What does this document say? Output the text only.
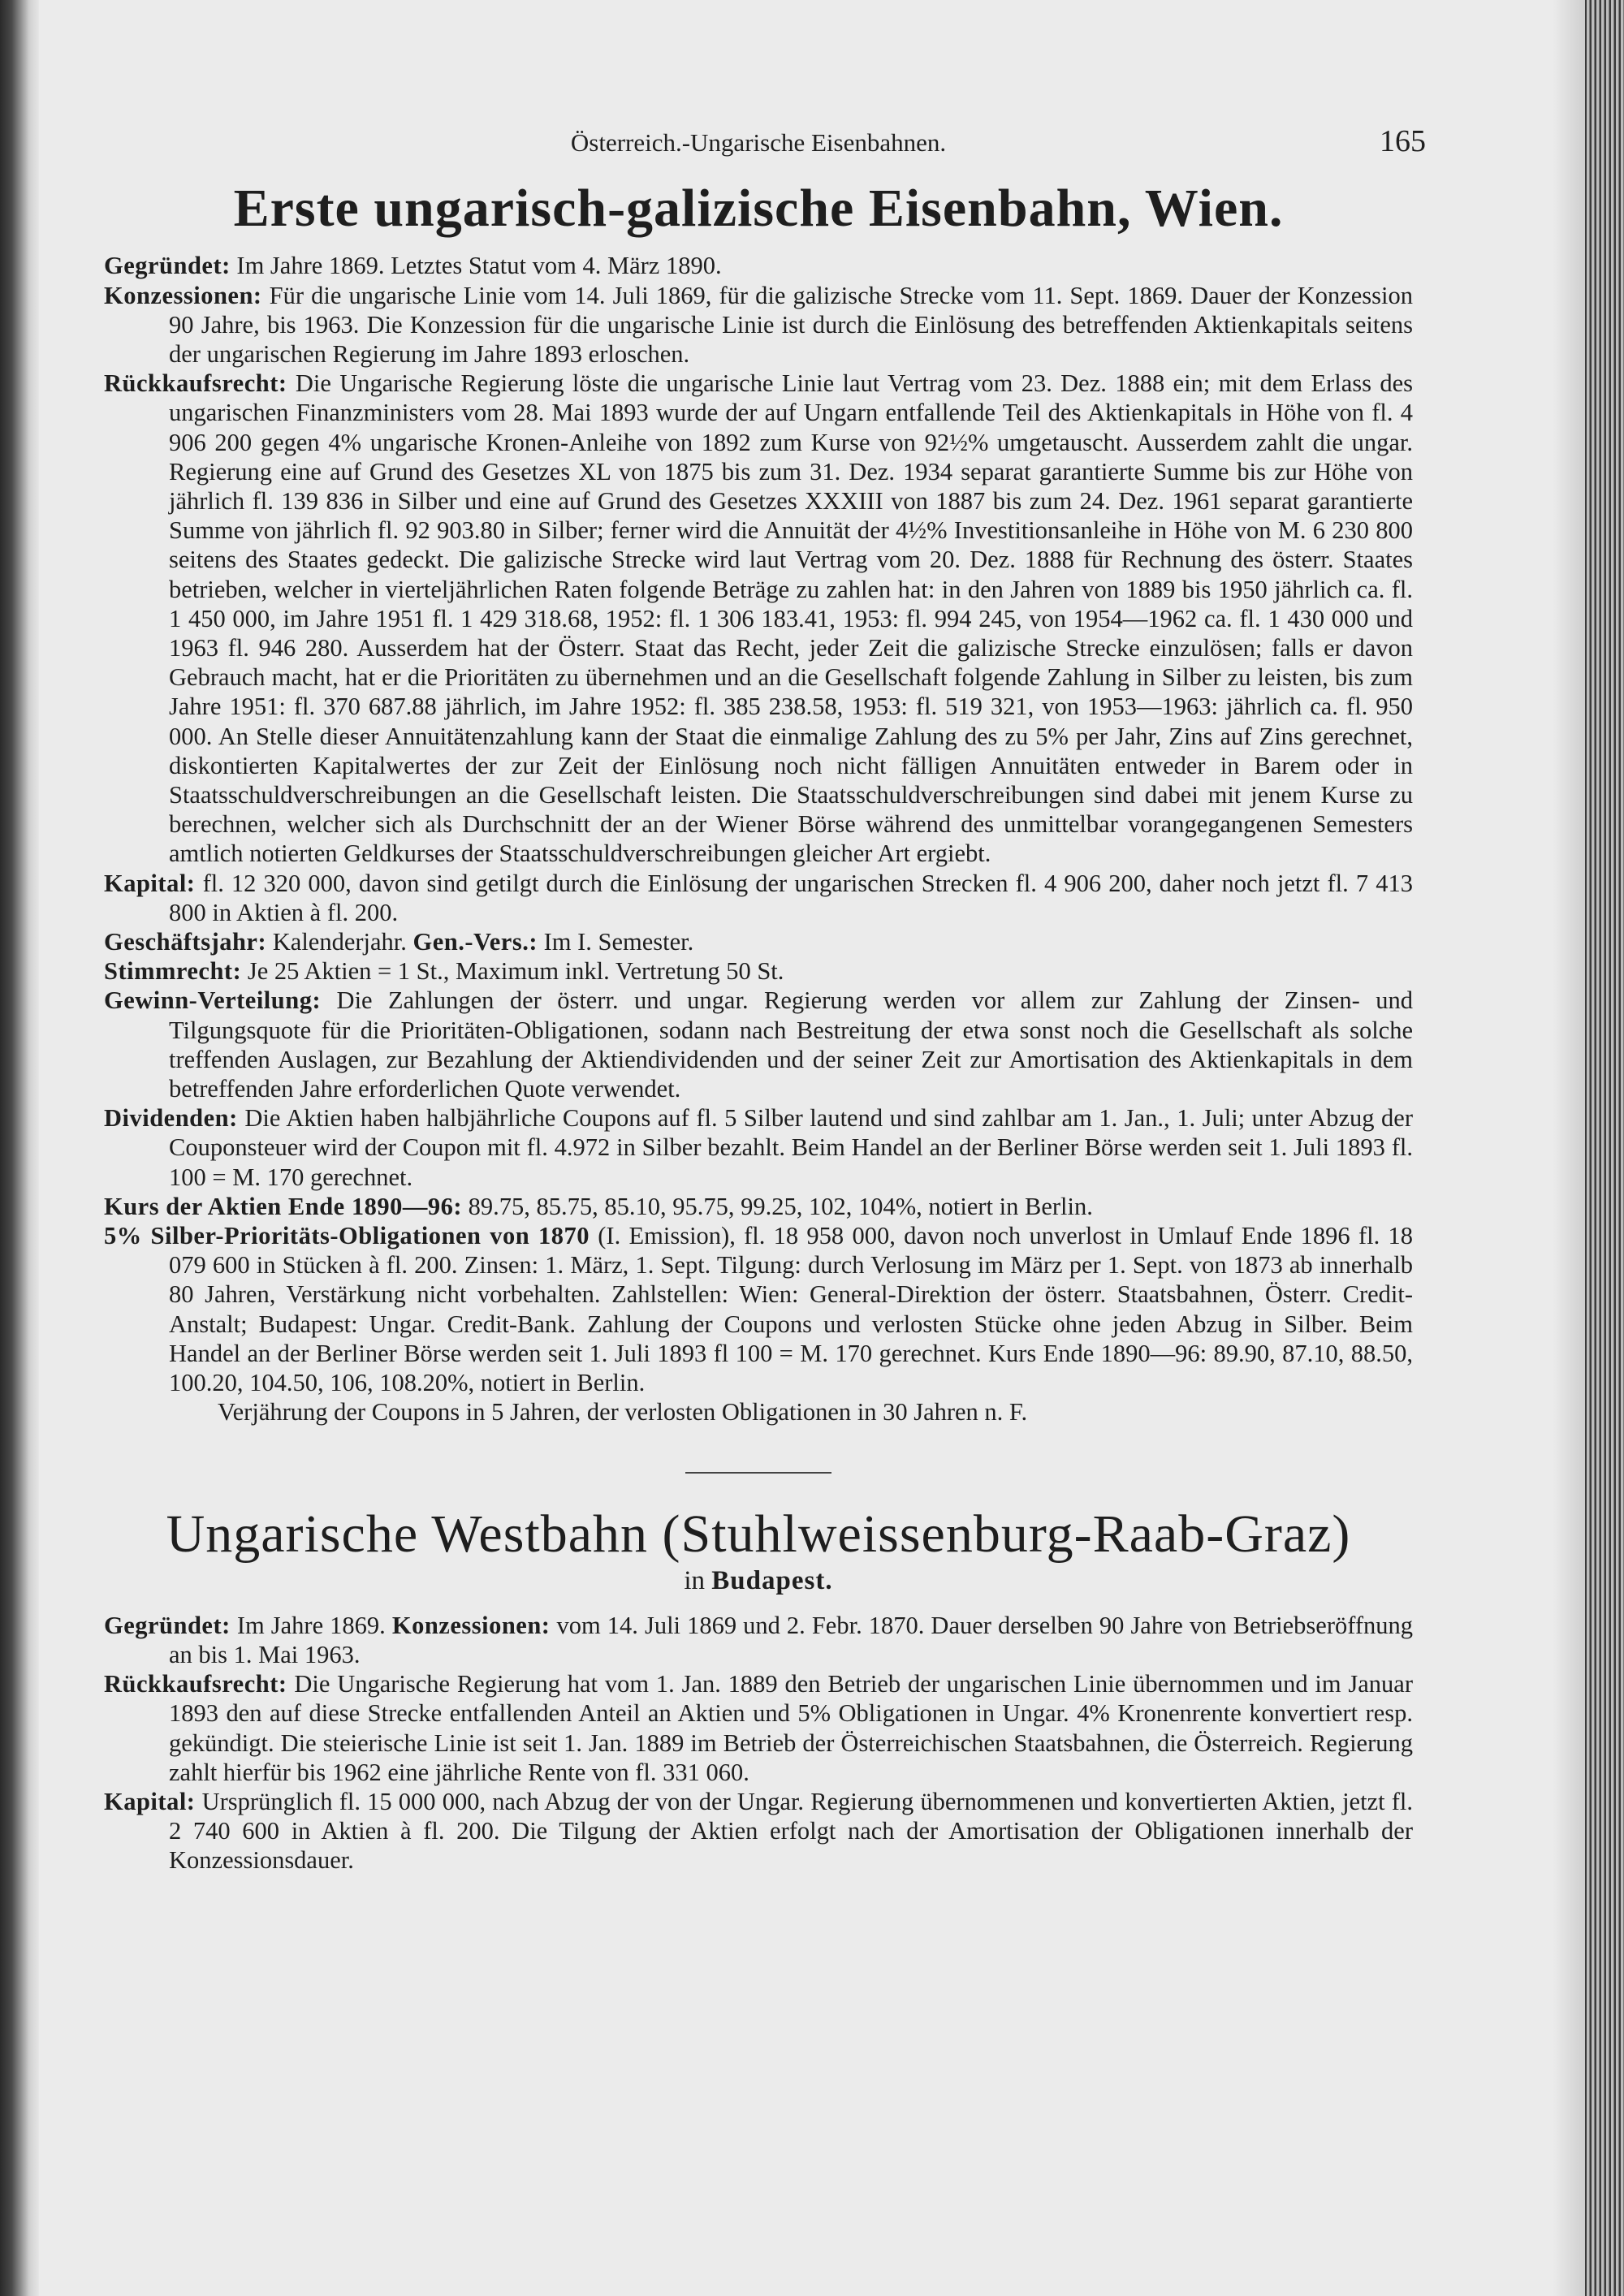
Österreich.-Ungarische Eisenbahnen.	165
Erste ungarisch-galizische Eisenbahn, Wien.

Gegründet: Im Jahre 1869. Letztes Statut vom 4. März 1890.

Konzessionen: Für die ungarische Linie vom 14. Juli 1869, für die galizische Strecke vom 11. Sept. 1869. Dauer der Konzession 90 Jahre, bis 1963. Die Konzession für die ungarische Linie ist durch die Einlösung des betreffenden Aktienkapitals seitens der ungarischen Regierung im Jahre 1893 erloschen.

Rückkaufsrecht: Die Ungarische Regierung löste die ungarische Linie laut Vertrag vom 23. Dez. 1888 ein; mit dem Erlass des ungarischen Finanzministers vom 28. Mai 1893 wurde der auf Ungarn entfallende Teil des Aktienkapitals in Höhe von fl. 4 906 200 gegen 4% ungarische Kronen-Anleihe von 1892 zum Kurse von 92½% umgetauscht. Ausserdem zahlt die ungar. Regierung eine auf Grund des Gesetzes XL von 1875 bis zum 31. Dez. 1934 separat garantierte Summe bis zur Höhe von jährlich fl. 139 836 in Silber und eine auf Grund des Gesetzes XXXIII von 1887 bis zum 24. Dez. 1961 separat garantierte Summe von jährlich fl. 92 903.80 in Silber; ferner wird die Annuität der 4½% Investitionsanleihe in Höhe von M. 6 230 800 seitens des Staates gedeckt. Die galizische Strecke wird laut Vertrag vom 20. Dez. 1888 für Rechnung des österr. Staates betrieben, welcher in vierteljährlichen Raten folgende Beträge zu zahlen hat: in den Jahren von 1889 bis 1950 jährlich ca. fl. 1 450 000, im Jahre 1951 fl. 1 429 318.68, 1952: fl. 1 306 183.41, 1953: fl. 994 245, von 1954—1962 ca. fl. 1 430 000 und 1963 fl. 946 280. Ausserdem hat der Österr. Staat das Recht, jeder Zeit die galizische Strecke einzulösen; falls er davon Gebrauch macht, hat er die Prioritäten zu übernehmen und an die Gesellschaft folgende Zahlung in Silber zu leisten, bis zum Jahre 1951: fl. 370 687.88 jährlich, im Jahre 1952: fl. 385 238.58, 1953: fl. 519 321, von 1953—1963: jährlich ca. fl. 950 000. An Stelle dieser Annuitätenzahlung kann der Staat die einmalige Zahlung des zu 5% per Jahr, Zins auf Zins gerechnet, diskontierten Kapitalwertes der zur Zeit der Einlösung noch nicht fälligen Annuitäten entweder in Barem oder in Staatsschuldverschreibungen an die Gesellschaft leisten. Die Staatsschuldverschreibungen sind dabei mit jenem Kurse zu berechnen, welcher sich als Durchschnitt der an der Wiener Börse während des unmittelbar vorangegangenen Semesters amtlich notierten Geldkurses der Staatsschuldverschreibungen gleicher Art ergiebt.

Kapital: fl. 12 320 000, davon sind getilgt durch die Einlösung der ungarischen Strecken fl. 4 906 200, daher noch jetzt fl. 7 413 800 in Aktien à fl. 200.

Geschäftsjahr: Kalenderjahr. Gen.-Vers.: Im I. Semester.

Stimmrecht: Je 25 Aktien = 1 St., Maximum inkl. Vertretung 50 St.

Gewinn-Verteilung: Die Zahlungen der österr. und ungar. Regierung werden vor allem zur Zahlung der Zinsen- und Tilgungsquote für die Prioritäten-Obligationen, sodann nach Bestreitung der etwa sonst noch die Gesellschaft als solche treffenden Auslagen, zur Bezahlung der Aktiendividenden und der seiner Zeit zur Amortisation des Aktienkapitals in dem betreffenden Jahre erforderlichen Quote verwendet.

Dividenden: Die Aktien haben halbjährliche Coupons auf fl. 5 Silber lautend und sind zahlbar am 1. Jan., 1. Juli; unter Abzug der Couponsteuer wird der Coupon mit fl. 4.972 in Silber bezahlt. Beim Handel an der Berliner Börse werden seit 1. Juli 1893 fl. 100 = M. 170 gerechnet.

Kurs der Aktien Ende 1890—96: 89.75, 85.75, 85.10, 95.75, 99.25, 102, 104%, notiert in Berlin.

5% Silber-Prioritäts-Obligationen von 1870 (I. Emission), fl. 18 958 000, davon noch unverlost in Umlauf Ende 1896 fl. 18 079 600 in Stücken à fl. 200. Zinsen: 1. März, 1. Sept. Tilgung: durch Verlosung im März per 1. Sept. von 1873 ab innerhalb 80 Jahren, Verstärkung nicht vorbehalten. Zahlstellen: Wien: General-Direktion der österr. Staatsbahnen, Österr. Credit-Anstalt; Budapest: Ungar. Credit-Bank. Zahlung der Coupons und verlosten Stücke ohne jeden Abzug in Silber. Beim Handel an der Berliner Börse werden seit 1. Juli 1893 fl 100 = M. 170 gerechnet. Kurs Ende 1890—96: 89.90, 87.10, 88.50, 100.20, 104.50, 106, 108.20%, notiert in Berlin.

Verjährung der Coupons in 5 Jahren, der verlosten Obligationen in 30 Jahren n. F.

Ungarische Westbahn (Stuhlweissenburg-Raab-Graz)
in Budapest.

Gegründet: Im Jahre 1869. Konzessionen: vom 14. Juli 1869 und 2. Febr. 1870. Dauer derselben 90 Jahre von Betriebseröffnung an bis 1. Mai 1963.

Rückkaufsrecht: Die Ungarische Regierung hat vom 1. Jan. 1889 den Betrieb der ungarischen Linie übernommen und im Januar 1893 den auf diese Strecke entfallenden Anteil an Aktien und 5% Obligationen in Ungar. 4% Kronenrente konvertiert resp. gekündigt. Die steierische Linie ist seit 1. Jan. 1889 im Betrieb der Österreichischen Staatsbahnen, die Österreich. Regierung zahlt hierfür bis 1962 eine jährliche Rente von fl. 331 060.

Kapital: Ursprünglich fl. 15 000 000, nach Abzug der von der Ungar. Regierung übernommenen und konvertierten Aktien, jetzt fl. 2 740 600 in Aktien à fl. 200. Die Tilgung der Aktien erfolgt nach der Amortisation der Obligationen innerhalb der Konzessionsdauer.
